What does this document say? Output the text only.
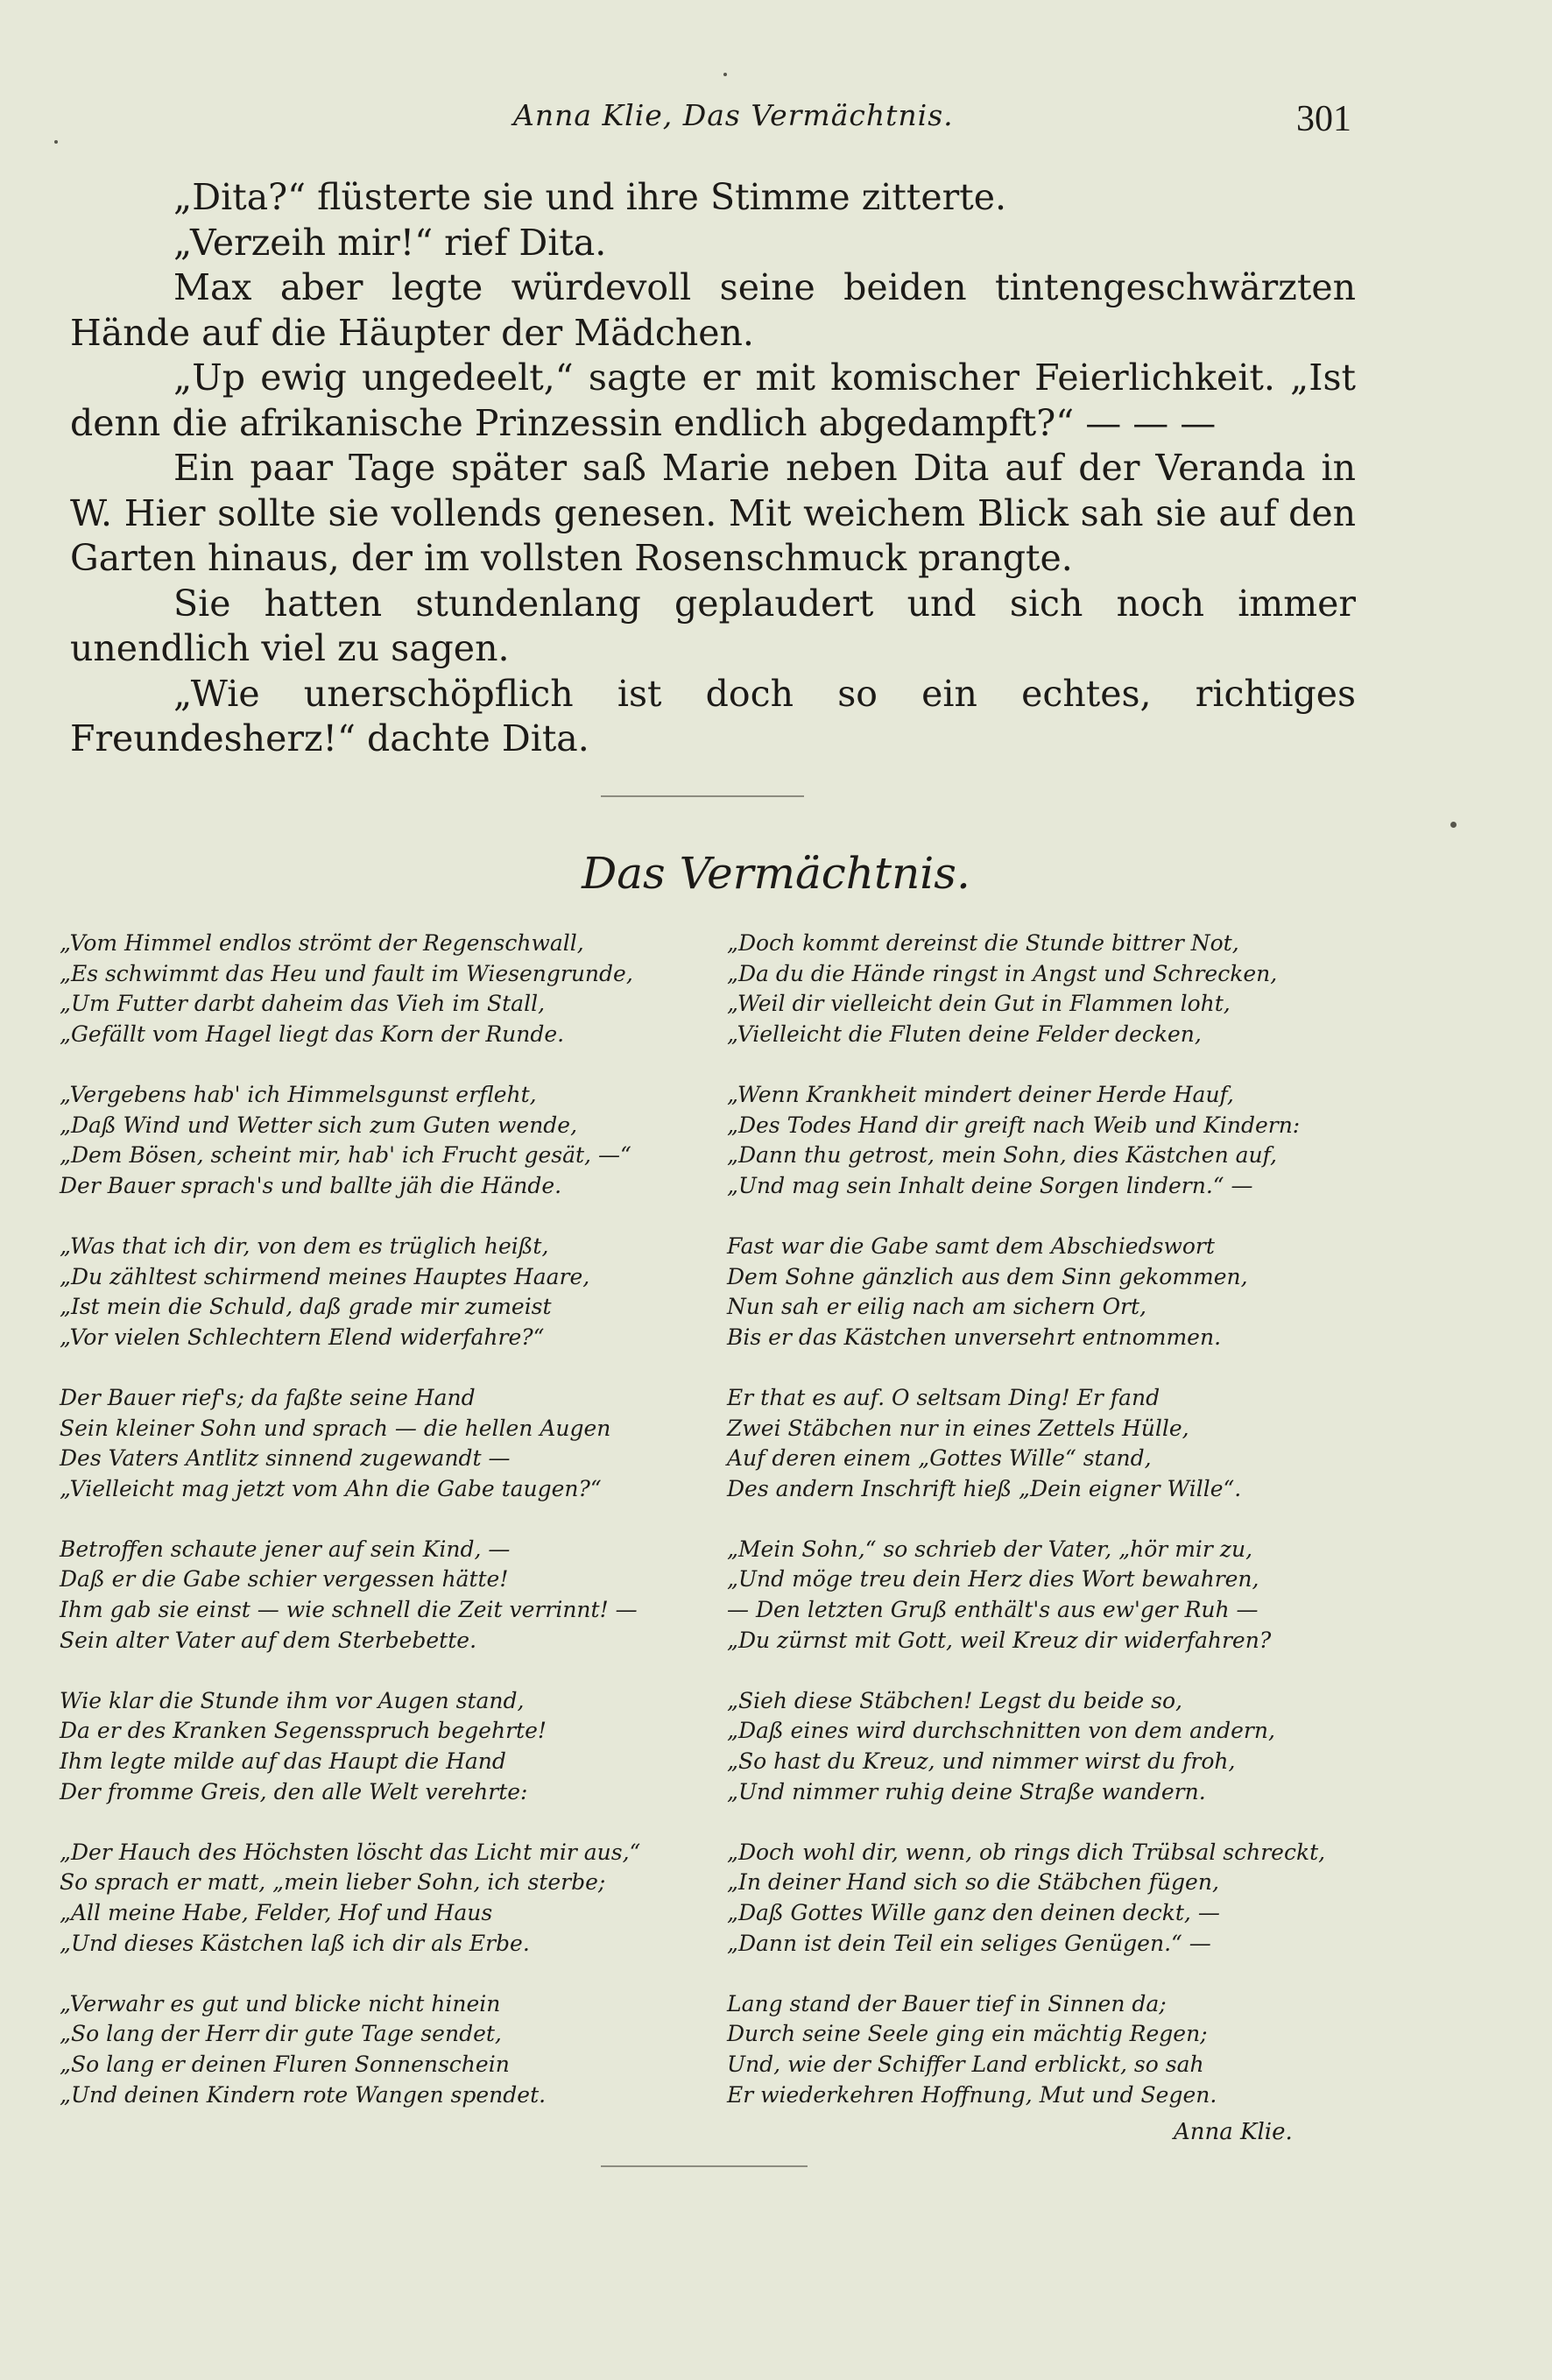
Anna Klie, Das Vermächtnis.	301

„Dita?“ flüsterte sie und ihre Stimme zitterte.

„Verzeih mir!“ rief Dita.

Max aber legte würdevoll seine beiden tintengeschwärzten Hände auf die Häupter der Mädchen.

„Up ewig ungedeelt,“ sagte er mit komischer Feierlichkeit. „Ist denn die afrikanische Prinzessin endlich abgedampft?“ — — —

Ein paar Tage später saß Marie neben Dita auf der Veranda in W. Hier sollte sie vollends genesen. Mit weichem Blick sah sie auf den Garten hinaus, der im vollsten Rosenschmuck prangte.

Sie hatten stundenlang geplaudert und sich noch immer unendlich viel zu sagen.

„Wie unerschöpflich ist doch so ein echtes, richtiges Freundesherz!“ dachte Dita.

Das Vermächtnis.
„Vom Himmel endlos strömt der Regenschwall,
„Es schwimmt das Heu und fault im Wiesengrunde,
„Um Futter darbt daheim das Vieh im Stall,
„Gefällt vom Hagel liegt das Korn der Runde.
„Vergebens hab' ich Himmelsgunst erfleht,
„Daß Wind und Wetter sich zum Guten wende,
„Dem Bösen, scheint mir, hab' ich Frucht gesät, —“
Der Bauer sprach's und ballte jäh die Hände.
„Was that ich dir, von dem es trüglich heißt,
„Du zähltest schirmend meines Hauptes Haare,
„Ist mein die Schuld, daß grade mir zumeist
„Vor vielen Schlechtern Elend widerfahre?“
Der Bauer rief's; da faßte seine Hand
Sein kleiner Sohn und sprach — die hellen Augen
Des Vaters Antlitz sinnend zugewandt —
„Vielleicht mag jetzt vom Ahn die Gabe taugen?“
Betroffen schaute jener auf sein Kind, —
Daß er die Gabe schier vergessen hätte!
Ihm gab sie einst — wie schnell die Zeit verrinnt! —
Sein alter Vater auf dem Sterbebette.
Wie klar die Stunde ihm vor Augen stand,
Da er des Kranken Segensspruch begehrte!
Ihm legte milde auf das Haupt die Hand
Der fromme Greis, den alle Welt verehrte:
„Der Hauch des Höchsten löscht das Licht mir aus,“
So sprach er matt, „mein lieber Sohn, ich sterbe;
„All meine Habe, Felder, Hof und Haus
„Und dieses Kästchen laß ich dir als Erbe.
„Verwahr es gut und blicke nicht hinein
„So lang der Herr dir gute Tage sendet,
„So lang er deinen Fluren Sonnenschein
„Und deinen Kindern rote Wangen spendet.
„Doch kommt dereinst die Stunde bittrer Not,
„Da du die Hände ringst in Angst und Schrecken,
„Weil dir vielleicht dein Gut in Flammen loht,
„Vielleicht die Fluten deine Felder decken,
„Wenn Krankheit mindert deiner Herde Hauf,
„Des Todes Hand dir greift nach Weib und Kindern:
„Dann thu getrost, mein Sohn, dies Kästchen auf,
„Und mag sein Inhalt deine Sorgen lindern.“ —
Fast war die Gabe samt dem Abschiedswort
Dem Sohne gänzlich aus dem Sinn gekommen,
Nun sah er eilig nach am sichern Ort,
Bis er das Kästchen unversehrt entnommen.
Er that es auf. O seltsam Ding! Er fand
Zwei Stäbchen nur in eines Zettels Hülle,
Auf deren einem „Gottes Wille“ stand,
Des andern Inschrift hieß „Dein eigner Wille“.
„Mein Sohn,“ so schrieb der Vater, „hör mir zu,
„Und möge treu dein Herz dies Wort bewahren,
— Den letzten Gruß enthält's aus ew'ger Ruh —
„Du zürnst mit Gott, weil Kreuz dir widerfahren?
„Sieh diese Stäbchen! Legst du beide so,
„Daß eines wird durchschnitten von dem andern,
„So hast du Kreuz, und nimmer wirst du froh,
„Und nimmer ruhig deine Straße wandern.
„Doch wohl dir, wenn, ob rings dich Trübsal schreckt,
„In deiner Hand sich so die Stäbchen fügen,
„Daß Gottes Wille ganz den deinen deckt, —
„Dann ist dein Teil ein seliges Genügen.“ —
Lang stand der Bauer tief in Sinnen da;
Durch seine Seele ging ein mächtig Regen;
Und, wie der Schiffer Land erblickt, so sah
Er wiederkehren Hoffnung, Mut und Segen.
Anna Klie.
